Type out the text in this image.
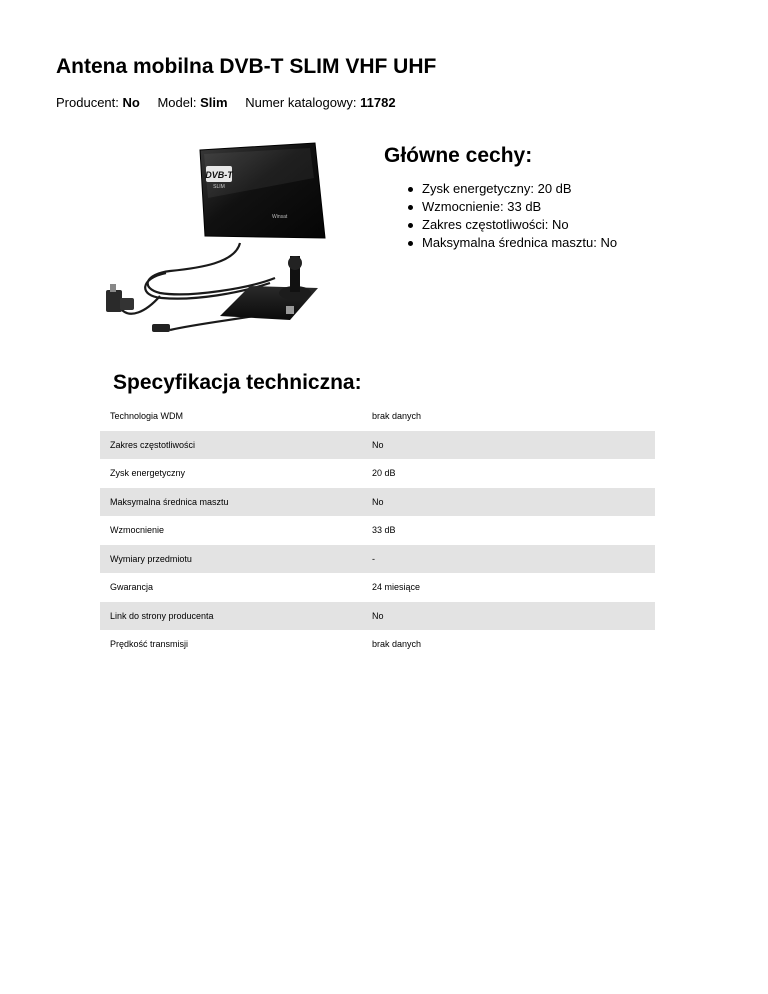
Antena mobilna DVB-T SLIM VHF UHF
Producent: No Model: Slim Numer katalogowy: 11782
DVB-T
SLIM
Winsat
Główne cechy:
Zysk energetyczny: 20 dB
Wzmocnienie: 33 dB
Zakres częstotliwości: No
Maksymalna średnica masztu: No
Specyfikacja techniczna:
Technologia WDM	brak danych
Zakres częstotliwości	No
Zysk energetyczny	20 dB
Maksymalna średnica masztu	No
Wzmocnienie	33 dB
Wymiary przedmiotu	-
Gwarancja	24 miesiące
Link do strony producenta	No
Prędkość transmisji	brak danych
